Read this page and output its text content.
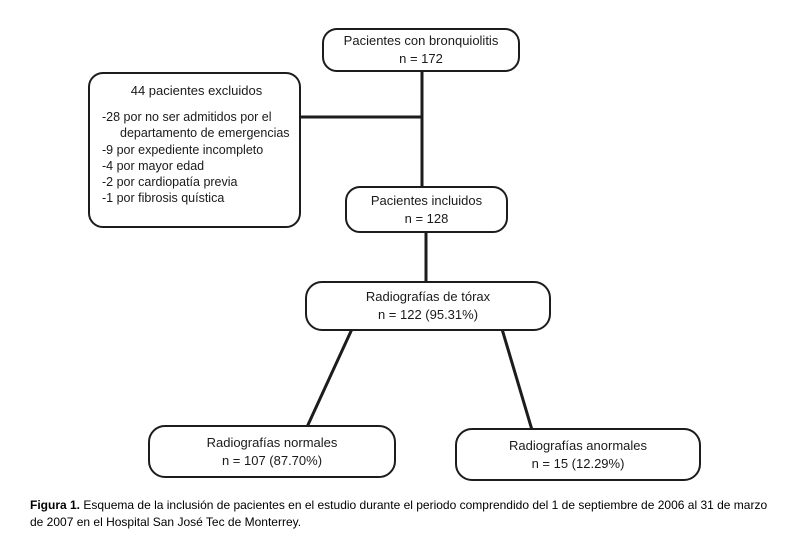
Pacientes con bronquiolitis
n = 172
44 pacientes excluidos
-28 por no ser admitidos por el departamento de emergencias
-9 por expediente incompleto
-4 por mayor edad
-2 por cardiopatía previa
-1 por fibrosis quística	Pacientes incluidos
n = 128
Radiografías de tórax
n = 122 (95.31%)
Radiografías normales
n = 107 (87.70%)
Radiografías anormales
n = 15 (12.29%)

Figura 1. Esquema de la inclusión de pacientes en el estudio durante el periodo comprendido del 1 de septiembre de 2006 al 31 de marzo de 2007 en el Hospital San José Tec de Monterrey.
